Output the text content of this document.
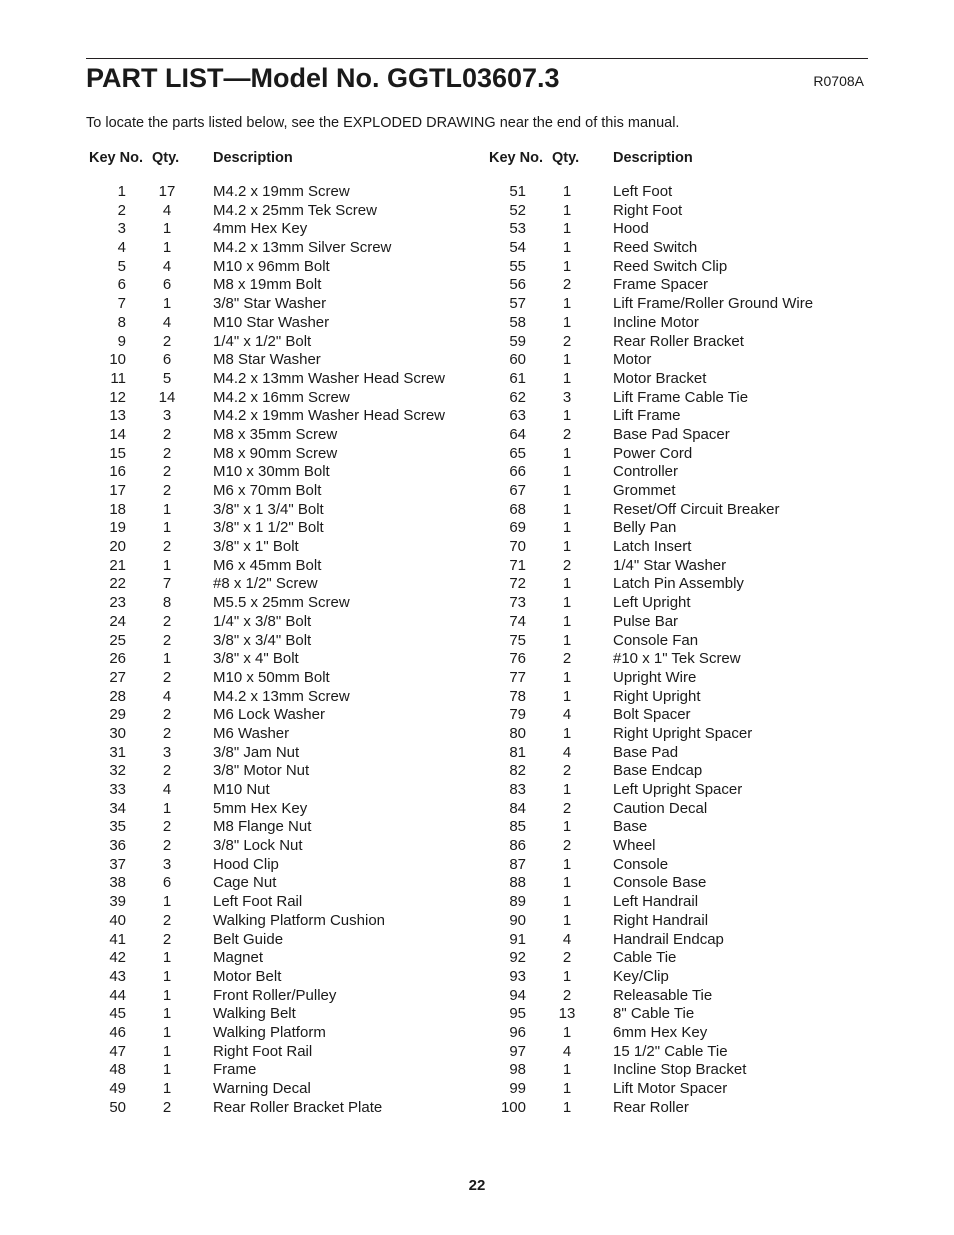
PART LIST—Model No. GGTL03607.3	R0708A

To locate the parts listed below, see the EXPLODED DRAWING near the end of this manual.

Key No. Qty. Description
1	17	M4.2 x 19mm Screw
2	4	M4.2 x 25mm Tek Screw
3	1	4mm Hex Key
4	1	M4.2 x 13mm Silver Screw
5	4	M10 x 96mm Bolt
6	6	M8 x 19mm Bolt
7	1	3/8" Star Washer
8	4	M10 Star Washer
9	2	1/4" x 1/2" Bolt
10	6	M8 Star Washer
11	5	M4.2 x 13mm Washer Head Screw
12	14	M4.2 x 16mm Screw
13	3	M4.2 x 19mm Washer Head Screw
14	2	M8 x 35mm Screw
15	2	M8 x 90mm Screw
16	2	M10 x 30mm Bolt
17	2	M6 x 70mm Bolt
18	1	3/8" x 1 3/4" Bolt
19	1	3/8" x 1 1/2" Bolt
20	2	3/8" x 1" Bolt
21	1	M6 x 45mm Bolt
22	7	#8 x 1/2" Screw
23	8	M5.5 x 25mm Screw
24	2	1/4" x 3/8" Bolt
25	2	3/8" x 3/4" Bolt
26	1	3/8" x 4" Bolt
27	2	M10 x 50mm Bolt
28	4	M4.2 x 13mm Screw
29	2	M6 Lock Washer
30	2	M6 Washer
31	3	3/8" Jam Nut
32	2	3/8" Motor Nut
33	4	M10 Nut
34	1	5mm Hex Key
35	2	M8 Flange Nut
36	2	3/8" Lock Nut
37	3	Hood Clip
38	6	Cage Nut
39	1	Left Foot Rail
40	2	Walking Platform Cushion
41	2	Belt Guide
42	1	Magnet
43	1	Motor Belt
44	1	Front Roller/Pulley
45	1	Walking Belt
46	1	Walking Platform
47	1	Right Foot Rail
48	1	Frame
49	1	Warning Decal
50	2	Rear Roller Bracket Plate
Key No. Qty. Description
51	1	Left Foot
52	1	Right Foot
53	1	Hood
54	1	Reed Switch
55	1	Reed Switch Clip
56	2	Frame Spacer
57	1	Lift Frame/Roller Ground Wire
58	1	Incline Motor
59	2	Rear Roller Bracket
60	1	Motor
61	1	Motor Bracket
62	3	Lift Frame Cable Tie
63	1	Lift Frame
64	2	Base Pad Spacer
65	1	Power Cord
66	1	Controller
67	1	Grommet
68	1	Reset/Off Circuit Breaker
69	1	Belly Pan
70	1	Latch Insert
71	2	1/4" Star Washer
72	1	Latch Pin Assembly
73	1	Left Upright
74	1	Pulse Bar
75	1	Console Fan
76	2	#10 x 1" Tek Screw
77	1	Upright Wire
78	1	Right Upright
79	4	Bolt Spacer
80	1	Right Upright Spacer
81	4	Base Pad
82	2	Base Endcap
83	1	Left Upright Spacer
84	2	Caution Decal
85	1	Base
86	2	Wheel
87	1	Console
88	1	Console Base
89	1	Left Handrail
90	1	Right Handrail
91	4	Handrail Endcap
92	2	Cable Tie
93	1	Key/Clip
94	2	Releasable Tie
95	13	8" Cable Tie
96	1	6mm Hex Key
97	4	15 1/2" Cable Tie
98	1	Incline Stop Bracket
99	1	Lift Motor Spacer
100	1	Rear Roller
22
